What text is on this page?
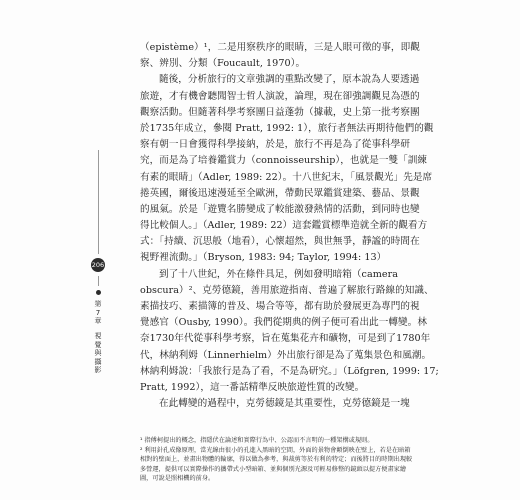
206
第7章
視覺與攝影
（epistème）¹，二是用察秩序的眼睛，三是人眼可徵的事，即觀
察、辨別、分類（Foucault, 1970）。
隨後，分析旅行的文章強調的重點改變了，原本說為人要透過
旅遊，才有機會聽聞智士哲人演說，論理，現在卻強調觀見為憑的
觀察活動。但隨著科學考察團日益蓬勃（據載，史上第一批考察團
於1735年成立，參閱 Pratt, 1992: 1），旅行者無法再期待他們的觀
察有朝一日會獲得科學接納，於是，旅行不再是為了從事科學研
究，而是為了培養鑑賞力（connoisseurship），也就是一雙「訓練
有素的眼睛」（Adler, 1989: 22）。十八世紀末，「風景觀光」先是席
捲英國，爾後迅速漫延至全歐洲，帶動民眾鑑賞建築、藝品、景觀
的風氣。於是「遊覽名勝變成了較能激發熱情的活動，到同時也變
得比較個人。」（Adler, 1989: 22）這套鑑賞標準造就全新的觀看方
式：「持續、沉思般（地看），心懷超然，與世無爭，靜謐的時間在
視野裡流動。」（Bryson, 1983: 94; Taylor, 1994: 13）
到了十八世紀，外在條件具足，例如發明暗箱（camera
obscura）²、克勞德鏡，善用旅遊指南、普遍了解旅行路線的知識、
素描技巧、素描簿的普及、場合等等，都有助於發展更為專門的視
覺感官（Ousby, 1990）。我們從期典的例子便可看出此一轉變。林
奈1730年代從事科學考察，旨在蒐集花卉和礦物，可是到了1780年
代，林納利姆（Linnerhielm）外出旅行卻是為了蒐集景色和風潮。
林納利姆說：「我旅行是為了看，不是為研究。」（Löfgren, 1999: 17;
Pratt, 1992），這一番話精準反映旅遊性質的改變。
在此轉變的過程中，克勞德鏡是其重要性，克勞德鏡是一塊
¹ 指傅柯提出的概念，指隱伏在論述和實際行為中、公認而不言明的一種架構或規則。
² 利用針孔成像原理，當光線由很小的孔進入黑暗的空間，外面的景物會顛倒映在壁上，若是在暗箱
相對的壁面上，並畫出物體的輪廓，得以做為參考，與裁剪等於有利的特定；而後將目的時期出現較
多營運，提供可以實際操作的攜帶式小型暗箱、並與個別光源及可輕易修整的鏡頭以提方便畫家繪
圖，可說是照相機的前身。
